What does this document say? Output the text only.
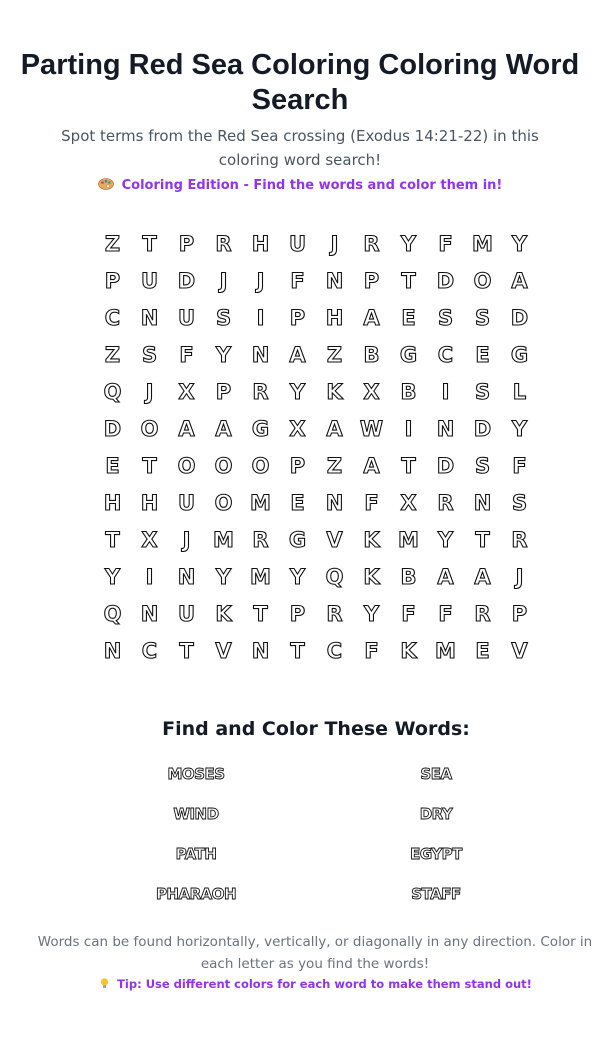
Parting Red Sea Coloring Coloring Word Search
Spot terms from the Red Sea crossing (Exodus 14:21-22) in this coloring word search!
Coloring Edition - Find the words and color them in!
Z	T	P	R H U	J	R	Y	F M Y
P U D	J	J	F	N P	T	D O A
C N U S	I	P H A	E	S	S D
Z	S	F	Y N A	Z	B G C	E	G
Q	J	X	P	R	Y	K X B	I	S	L
D O A A G X A W	I	N D Y
E	T O O O P	Z	A	T	D S	F
H H U O M E	N	F	X R N S
T	X	J	M R G V K M Y	T	R
Y	I	N Y M Y Q K B A A	J
Q N U K	T	P	R	Y	F	F	R	P
N C	T	V N	T	C	F	K M E	V
Find and Color These Words:
MOSES	SEA
WIND	DRY
PATH	EGYPT
PHARAOH	STAFF
Words can be found horizontally, vertically, or diagonally in any direction. Color in each letter as you find the words!
Tip: Use different colors for each word to make them stand out!
